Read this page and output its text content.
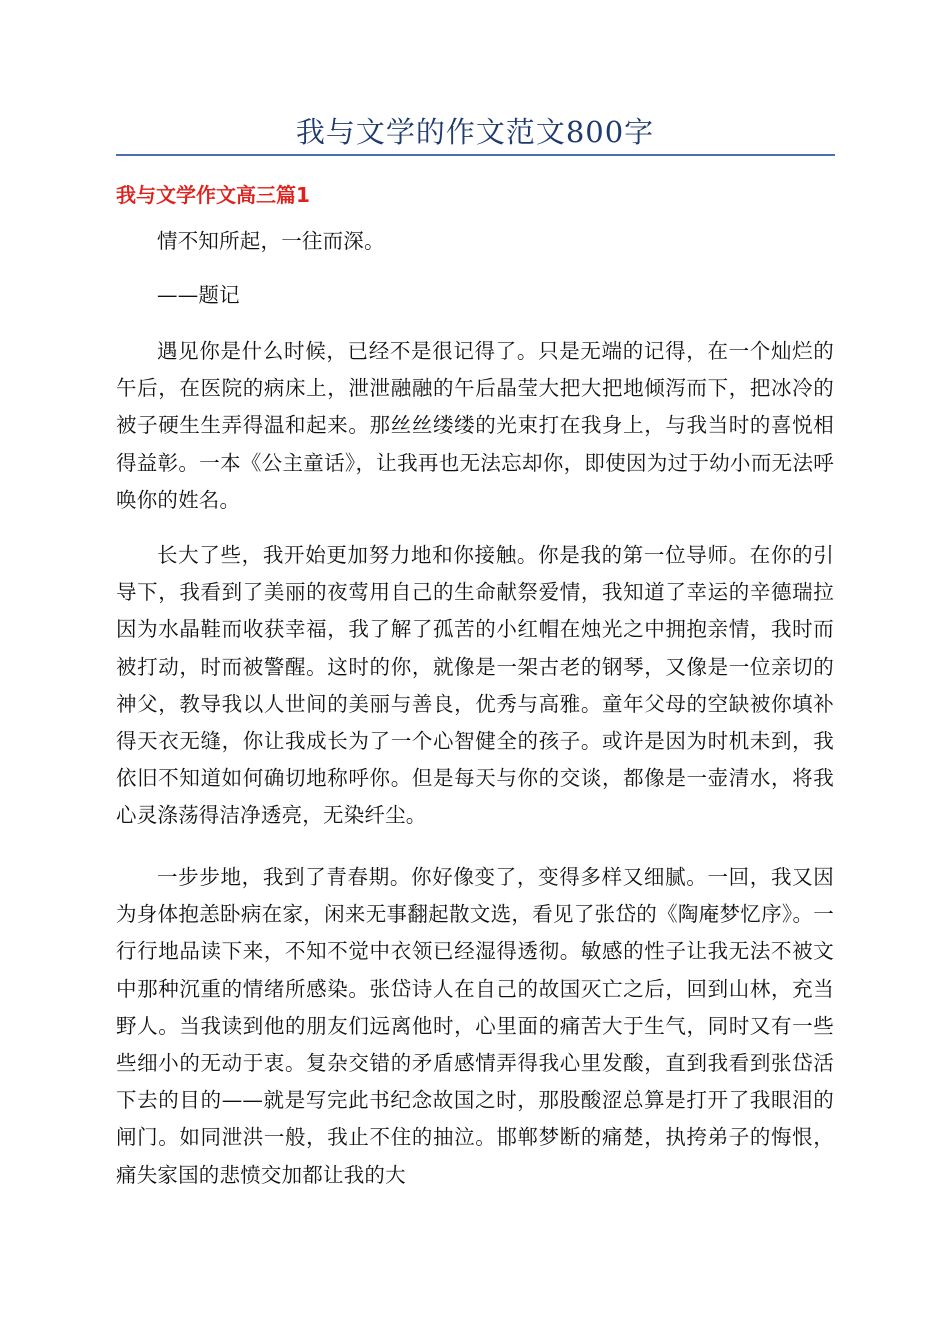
我与文学的作文范文800字
我与文学作文高三篇1

情不知所起，一往而深。

——题记

遇见你是什么时候，已经不是很记得了。只是无端的记得，在一个灿烂的午后，在医院的病床上，泄泄融融的午后晶莹大把大把地倾泻而下，把冰冷的被子硬生生弄得温和起来。那丝丝缕缕的光束打在我身上，与我当时的喜悦相得益彰。一本《公主童话》，让我再也无法忘却你，即使因为过于幼小而无法呼唤你的姓名。

长大了些，我开始更加努力地和你接触。你是我的第一位导师。在你的引导下，我看到了美丽的夜莺用自己的生命献祭爱情，我知道了幸运的辛德瑞拉因为水晶鞋而收获幸福，我了解了孤苦的小红帽在烛光之中拥抱亲情，我时而被打动，时而被警醒。这时的你，就像是一架古老的钢琴，又像是一位亲切的神父，教导我以人世间的美丽与善良，优秀与高雅。童年父母的空缺被你填补得天衣无缝，你让我成长为了一个心智健全的孩子。或许是因为时机未到，我依旧不知道如何确切地称呼你。但是每天与你的交谈，都像是一壶清水，将我心灵涤荡得洁净透亮，无染纤尘。

一步步地，我到了青春期。你好像变了，变得多样又细腻。一回，我又因为身体抱恙卧病在家，闲来无事翻起散文选，看见了张岱的《陶庵梦忆序》。一行行地品读下来，不知不觉中衣领已经湿得透彻。敏感的性子让我无法不被文中那种沉重的情绪所感染。张岱诗人在自己的故国灭亡之后，回到山林，充当野人。当我读到他的朋友们远离他时，心里面的痛苦大于生气，同时又有一些些细小的无动于衷。复杂交错的矛盾感情弄得我心里发酸，直到我看到张岱活下去的目的——就是写完此书纪念故国之时，那股酸涩总算是打开了我眼泪的闸门。如同泄洪一般，我止不住的抽泣。邯郸梦断的痛楚，执挎弟子的悔恨，痛失家国的悲愤交加都让我的大
